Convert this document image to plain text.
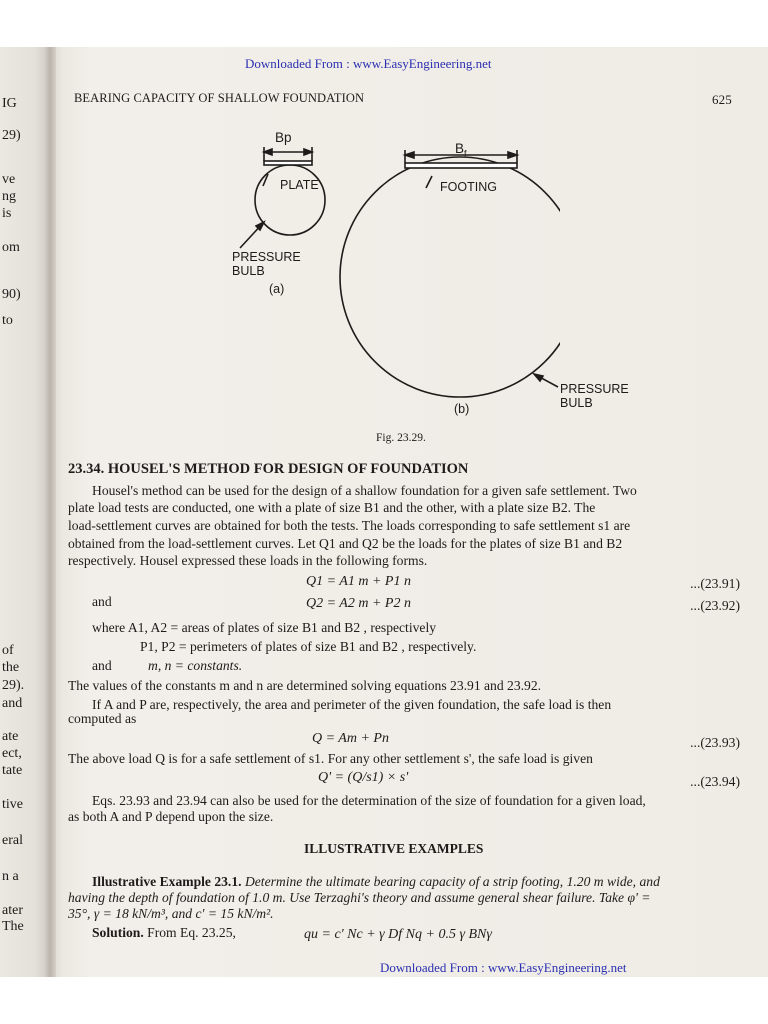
IG
29)
ve
ng
is
om
90)
to
of
the
29).
and
ate
ect,
tate
tive
eral
n a
ater
The
Downloaded From : www.EasyEngineering.net
BEARING CAPACITY OF SHALLOW FOUNDATION	625
Bp
PLATE
PRESSURE
BULB
(a)
$B_f$
FOOTING
PRESSURE
BULB
(b)
Fig. 23.29.
23.34. HOUSEL'S METHOD FOR DESIGN OF FOUNDATION
Housel's method can be used for the design of a shallow foundation for a given safe settlement. Two
plate load tests are conducted, one with a plate of size B1 and the other, with a plate size B2. The
load-settlement curves are obtained for both the tests. The loads corresponding to safe settlement s1 are
obtained from the load-settlement curves. Let Q1 and Q2 be the loads for the plates of size B1 and B2
respectively. Housel expressed these loads in the following forms.
Q1 = A1 m + P1 n	...(23.91)
and	Q2 = A2 m + P2 n	...(23.92)
where A1, A2 = areas of plates of size B1 and B2 , respectively
P1, P2 = perimeters of plates of size B1 and B2 , respectively.
and	m, n = constants.
The values of the constants m and n are determined solving equations 23.91 and 23.92.
If A and P are, respectively, the area and perimeter of the given foundation, the safe load is then
computed as
Q = Am + Pn	...(23.93)
The above load Q is for a safe settlement of s1. For any other settlement s', the safe load is given
Q' = (Q/s1) × s'	...(23.94)
Eqs. 23.93 and 23.94 can also be used for the determination of the size of foundation for a given load,
as both A and P depend upon the size.
ILLUSTRATIVE EXAMPLES
Illustrative Example 23.1. Determine the ultimate bearing capacity of a strip footing, 1.20 m wide, and
having the depth of foundation of 1.0 m. Use Terzaghi's theory and assume general shear failure. Take φ' =
35°, γ = 18 kN/m³, and c' = 15 kN/m².
Solution. From Eq. 23.25,	qu = c' Nc + γ Df Nq + 0.5 γ BNγ
Downloaded From : www.EasyEngineering.net
